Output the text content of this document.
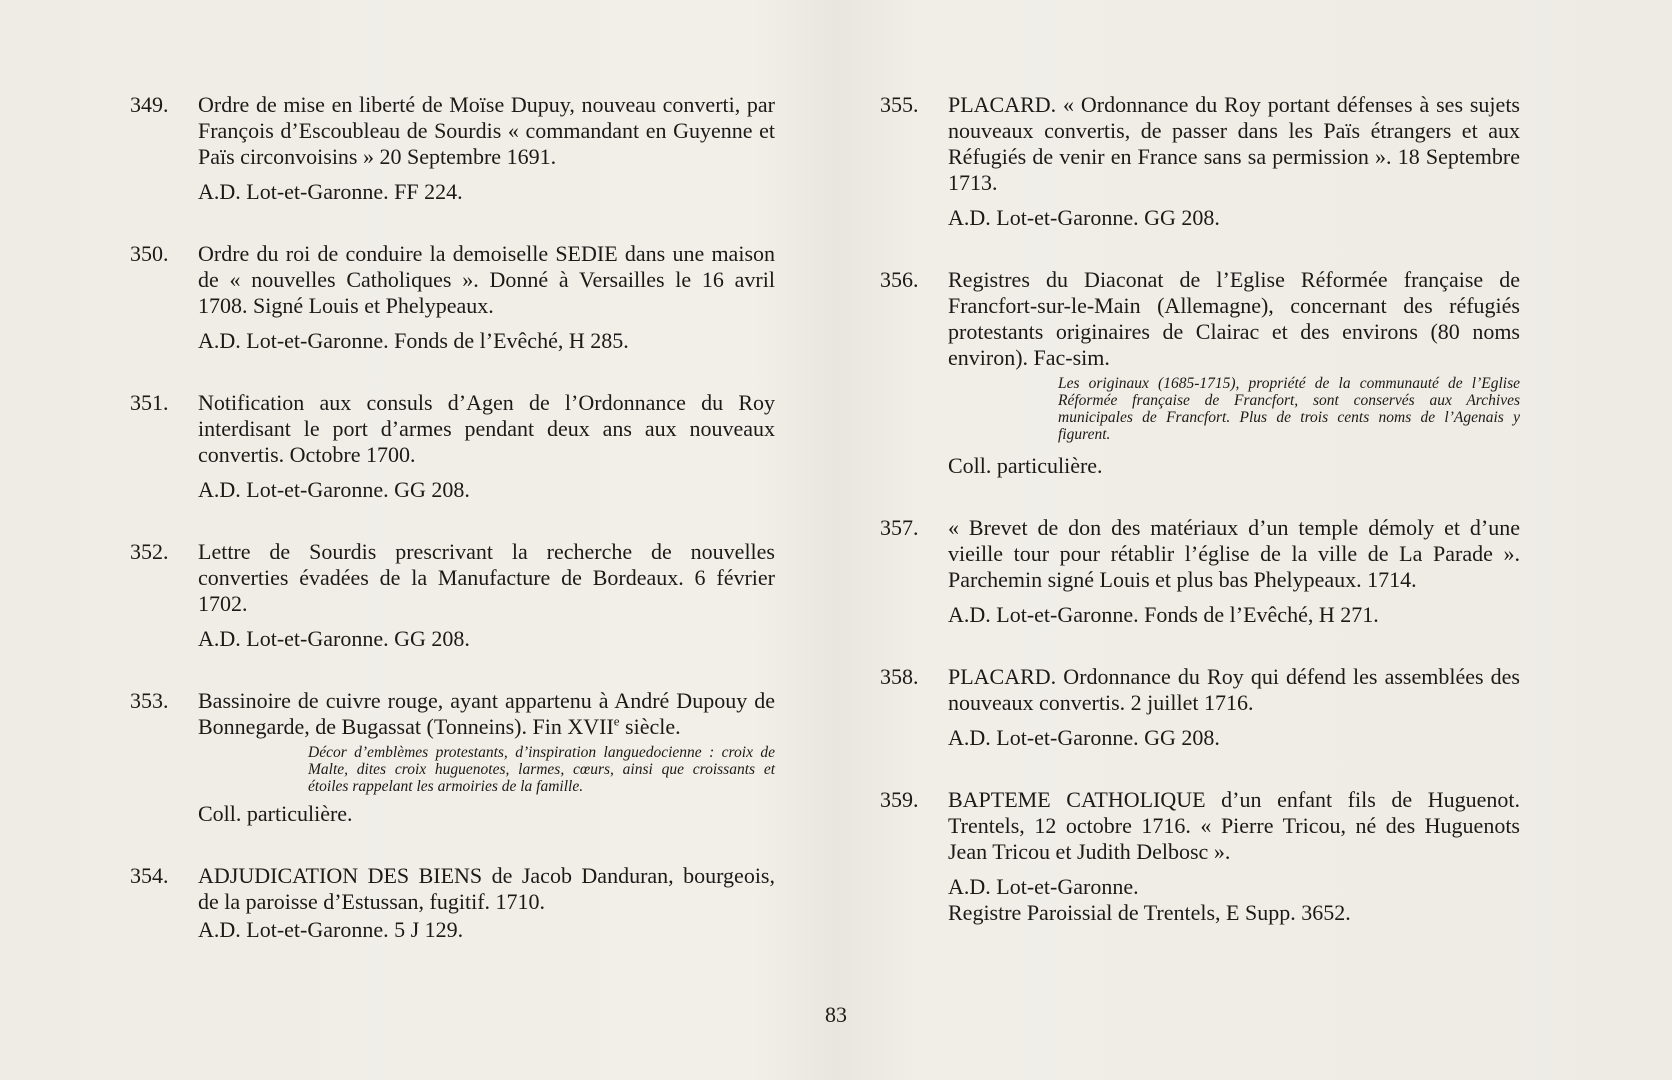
349. Ordre de mise en liberté de Moïse Dupuy, nouveau converti, par François d’Escoubleau de Sourdis « commandant en Guyenne et Païs circonvoisins » 20 Septembre 1691.

A.D. Lot-et-Garonne. FF 224.

350. Ordre du roi de conduire la demoiselle SEDIE dans une maison de « nouvelles Catholiques ». Donné à Versailles le 16 avril 1708. Signé Louis et Phelypeaux.

A.D. Lot-et-Garonne. Fonds de l’Evêché, H 285.

351. Notification aux consuls d’Agen de l’Ordonnance du Roy interdisant le port d’armes pendant deux ans aux nouveaux convertis. Octobre 1700.

A.D. Lot-et-Garonne. GG 208.

352. Lettre de Sourdis prescrivant la recherche de nouvelles converties évadées de la Manufacture de Bordeaux. 6 février 1702.

A.D. Lot-et-Garonne. GG 208.

353. Bassinoire de cuivre rouge, ayant appartenu à André Dupouy de Bonnegarde, de Bugassat (Tonneins). Fin XVIIe siècle.

Décor d’emblèmes protestants, d’inspiration languedocienne : croix de Malte, dites croix huguenotes, larmes, cœurs, ainsi que croissants et étoiles rappelant les armoiries de la famille.

Coll. particulière.

354. ADJUDICATION DES BIENS de Jacob Danduran, bourgeois, de la paroisse d’Estussan, fugitif. 1710.

A.D. Lot-et-Garonne. 5 J 129.

355. PLACARD. « Ordonnance du Roy portant défenses à ses sujets nouveaux convertis, de passer dans les Païs étrangers et aux Réfugiés de venir en France sans sa permission ». 18 Septembre 1713.

A.D. Lot-et-Garonne. GG 208.

356. Registres du Diaconat de l’Eglise Réformée française de Francfort-sur-le-Main (Allemagne), concernant des réfugiés protestants originaires de Clairac et des environs (80 noms environ). Fac-sim.

Les originaux (1685-1715), propriété de la communauté de l’Eglise Réformée française de Francfort, sont conservés aux Archives municipales de Francfort. Plus de trois cents noms de l’Agenais y figurent.

Coll. particulière.

357. « Brevet de don des matériaux d’un temple démoly et d’une vieille tour pour rétablir l’église de la ville de La Parade ». Parchemin signé Louis et plus bas Phelypeaux. 1714.

A.D. Lot-et-Garonne. Fonds de l’Evêché, H 271.

358. PLACARD. Ordonnance du Roy qui défend les assemblées des nouveaux convertis. 2 juillet 1716.

A.D. Lot-et-Garonne. GG 208.

359. BAPTEME CATHOLIQUE d’un enfant fils de Huguenot. Trentels, 12 octobre 1716. « Pierre Tricou, né des Huguenots Jean Tricou et Judith Delbosc ».

A.D. Lot-et-Garonne.

Registre Paroissial de Trentels, E Supp. 3652.

83
